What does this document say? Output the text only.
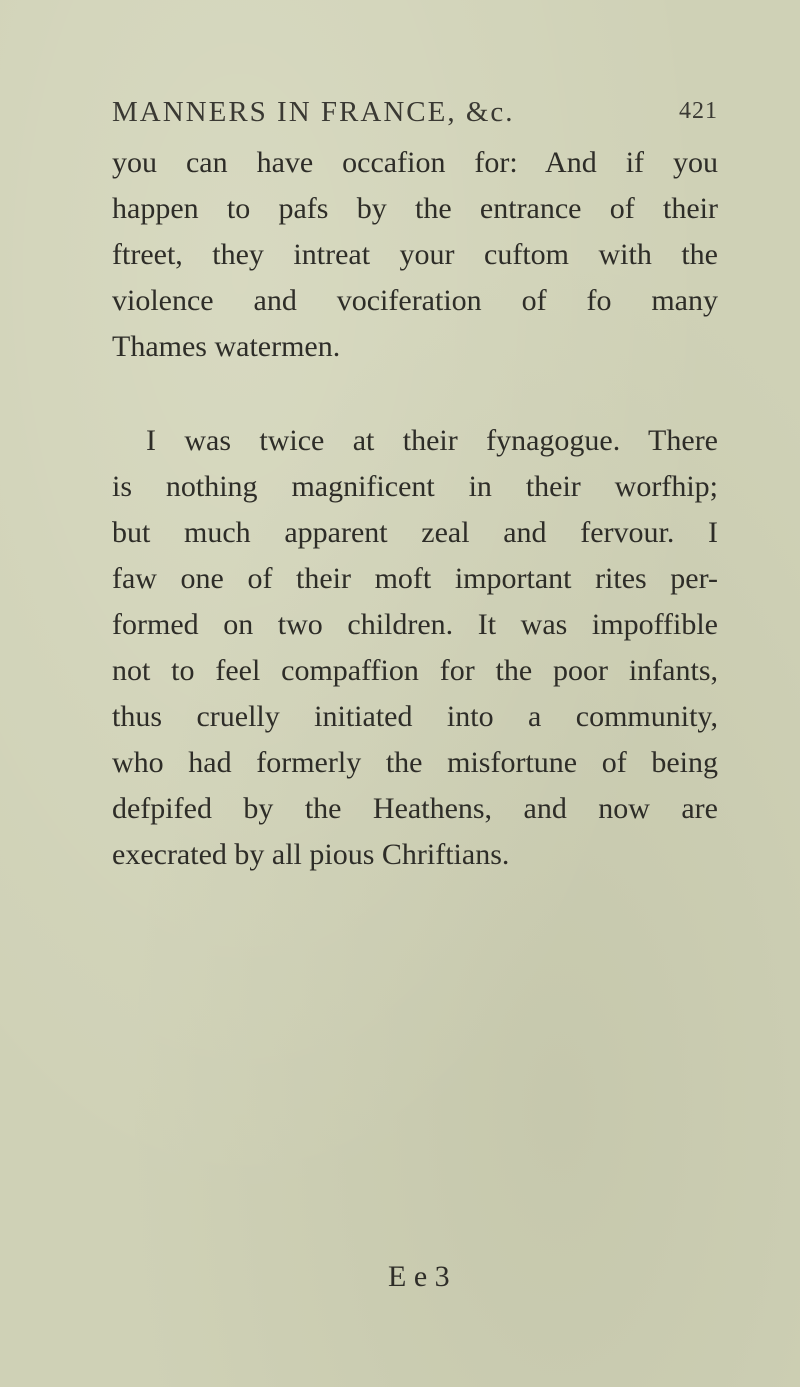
MANNERS IN FRANCE, &c.	421
you can have occafion for: And if you
happen to pafs by the entrance of their
ftreet, they intreat your cuftom with the
violence and vociferation of fo many
Thames watermen.
I was twice at their fynagogue. There
is nothing magnificent in their worfhip;
but much apparent zeal and fervour. I
faw one of their moft important rites per-
formed on two children. It was impoffible
not to feel compaffion for the poor infants,
thus cruelly initiated into a community,
who had formerly the misfortune of being
defpifed by the Heathens, and now are
execrated by all pious Chriftians.
E e 3
